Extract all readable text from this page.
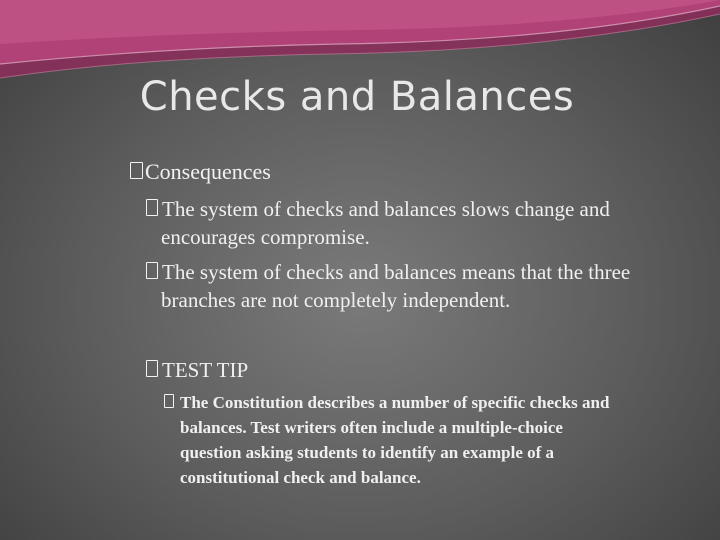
Checks and Balances
Consequences
The system of checks and balances slows change and
encourages compromise.
The system of checks and balances means that the three
branches are not completely independent.
TEST TIP
The Constitution describes a number of specific checks and
balances. Test writers often include a multiple-choice
question asking students to identify an example of a
constitutional check and balance.
